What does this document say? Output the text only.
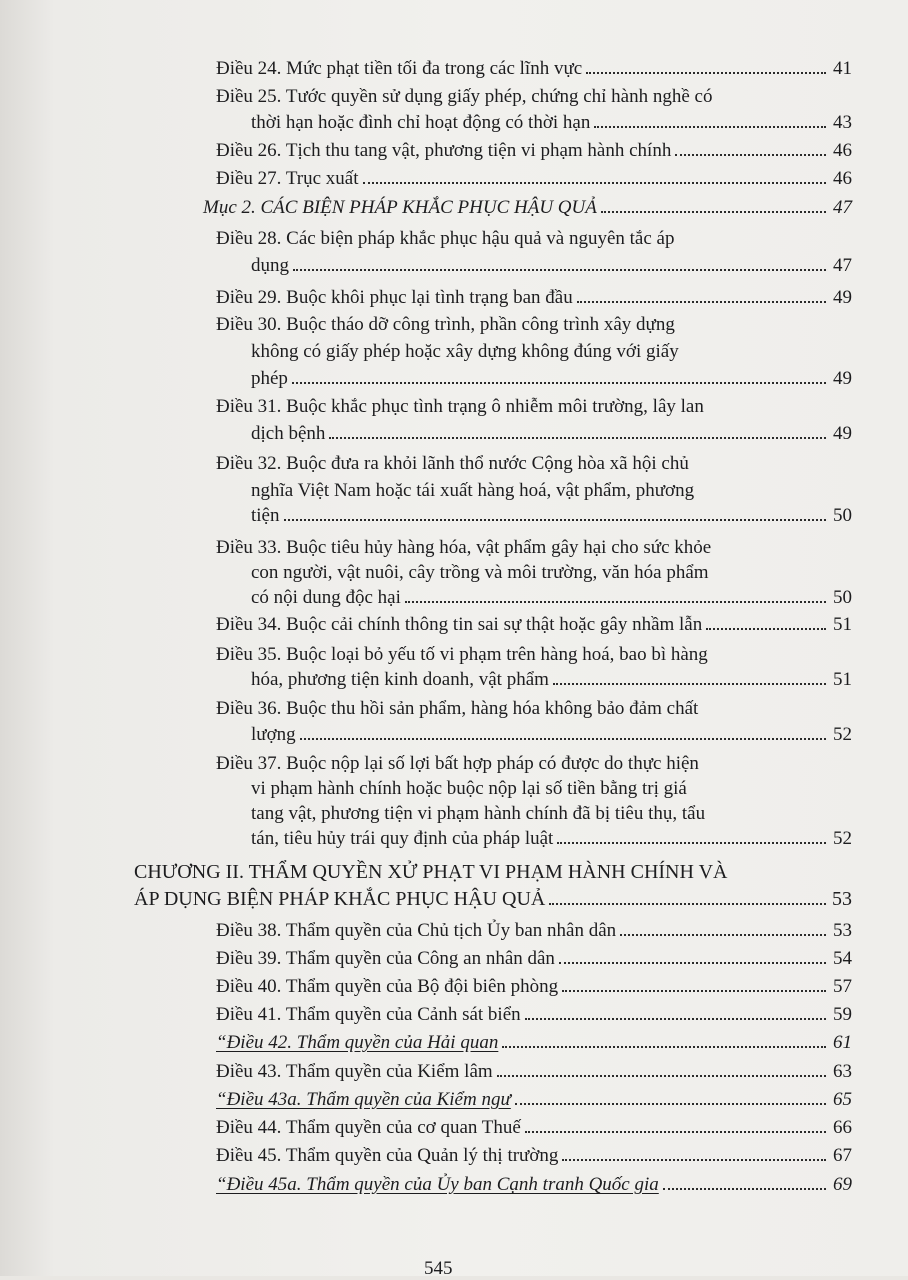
Điều 24. Mức phạt tiền tối đa trong các lĩnh vực	41
Điều 25. Tước quyền sử dụng giấy phép, chứng chỉ hành nghề có
thời hạn hoặc đình chỉ hoạt động có thời hạn	43
Điều 26. Tịch thu tang vật, phương tiện vi phạm hành chính	46
Điều 27. Trục xuất	46
Mục 2. CÁC BIỆN PHÁP KHẮC PHỤC HẬU QUẢ	47
Điều 28. Các biện pháp khắc phục hậu quả và nguyên tắc áp
dụng	47
Điều 29. Buộc khôi phục lại tình trạng ban đầu	49
Điều 30. Buộc tháo dỡ công trình, phần công trình xây dựng
không có giấy phép hoặc xây dựng không đúng với giấy
phép	49
Điều 31. Buộc khắc phục tình trạng ô nhiễm môi trường, lây lan
dịch bệnh	49
Điều 32. Buộc đưa ra khỏi lãnh thổ nước Cộng hòa xã hội chủ
nghĩa Việt Nam hoặc tái xuất hàng hoá, vật phẩm, phương
tiện	50
Điều 33. Buộc tiêu hủy hàng hóa, vật phẩm gây hại cho sức khỏe
con người, vật nuôi, cây trồng và môi trường, văn hóa phẩm
có nội dung độc hại	50
Điều 34. Buộc cải chính thông tin sai sự thật hoặc gây nhầm lẫn	51
Điều 35. Buộc loại bỏ yếu tố vi phạm trên hàng hoá, bao bì hàng
hóa, phương tiện kinh doanh, vật phẩm	51
Điều 36. Buộc thu hồi sản phẩm, hàng hóa không bảo đảm chất
lượng	52
Điều 37. Buộc nộp lại số lợi bất hợp pháp có được do thực hiện
vi phạm hành chính hoặc buộc nộp lại số tiền bằng trị giá
tang vật, phương tiện vi phạm hành chính đã bị tiêu thụ, tẩu
tán, tiêu hủy trái quy định của pháp luật	52
CHƯƠNG II. THẨM QUYỀN XỬ PHẠT VI PHẠM HÀNH CHÍNH VÀ
ÁP DỤNG BIỆN PHÁP KHẮC PHỤC HẬU QUẢ	53
Điều 38. Thẩm quyền của Chủ tịch Ủy ban nhân dân	53
Điều 39. Thẩm quyền của Công an nhân dân	54
Điều 40. Thẩm quyền của Bộ đội biên phòng	57
Điều 41. Thẩm quyền của Cảnh sát biển	59
“Điều 42. Thẩm quyền của Hải quan	61
Điều 43. Thẩm quyền của Kiểm lâm	63
“Điều 43a. Thẩm quyền của Kiểm ngư	65
Điều 44. Thẩm quyền của cơ quan Thuế	66
Điều 45. Thẩm quyền của Quản lý thị trường	67
“Điều 45a. Thẩm quyền của Ủy ban Cạnh tranh Quốc gia	69
545
